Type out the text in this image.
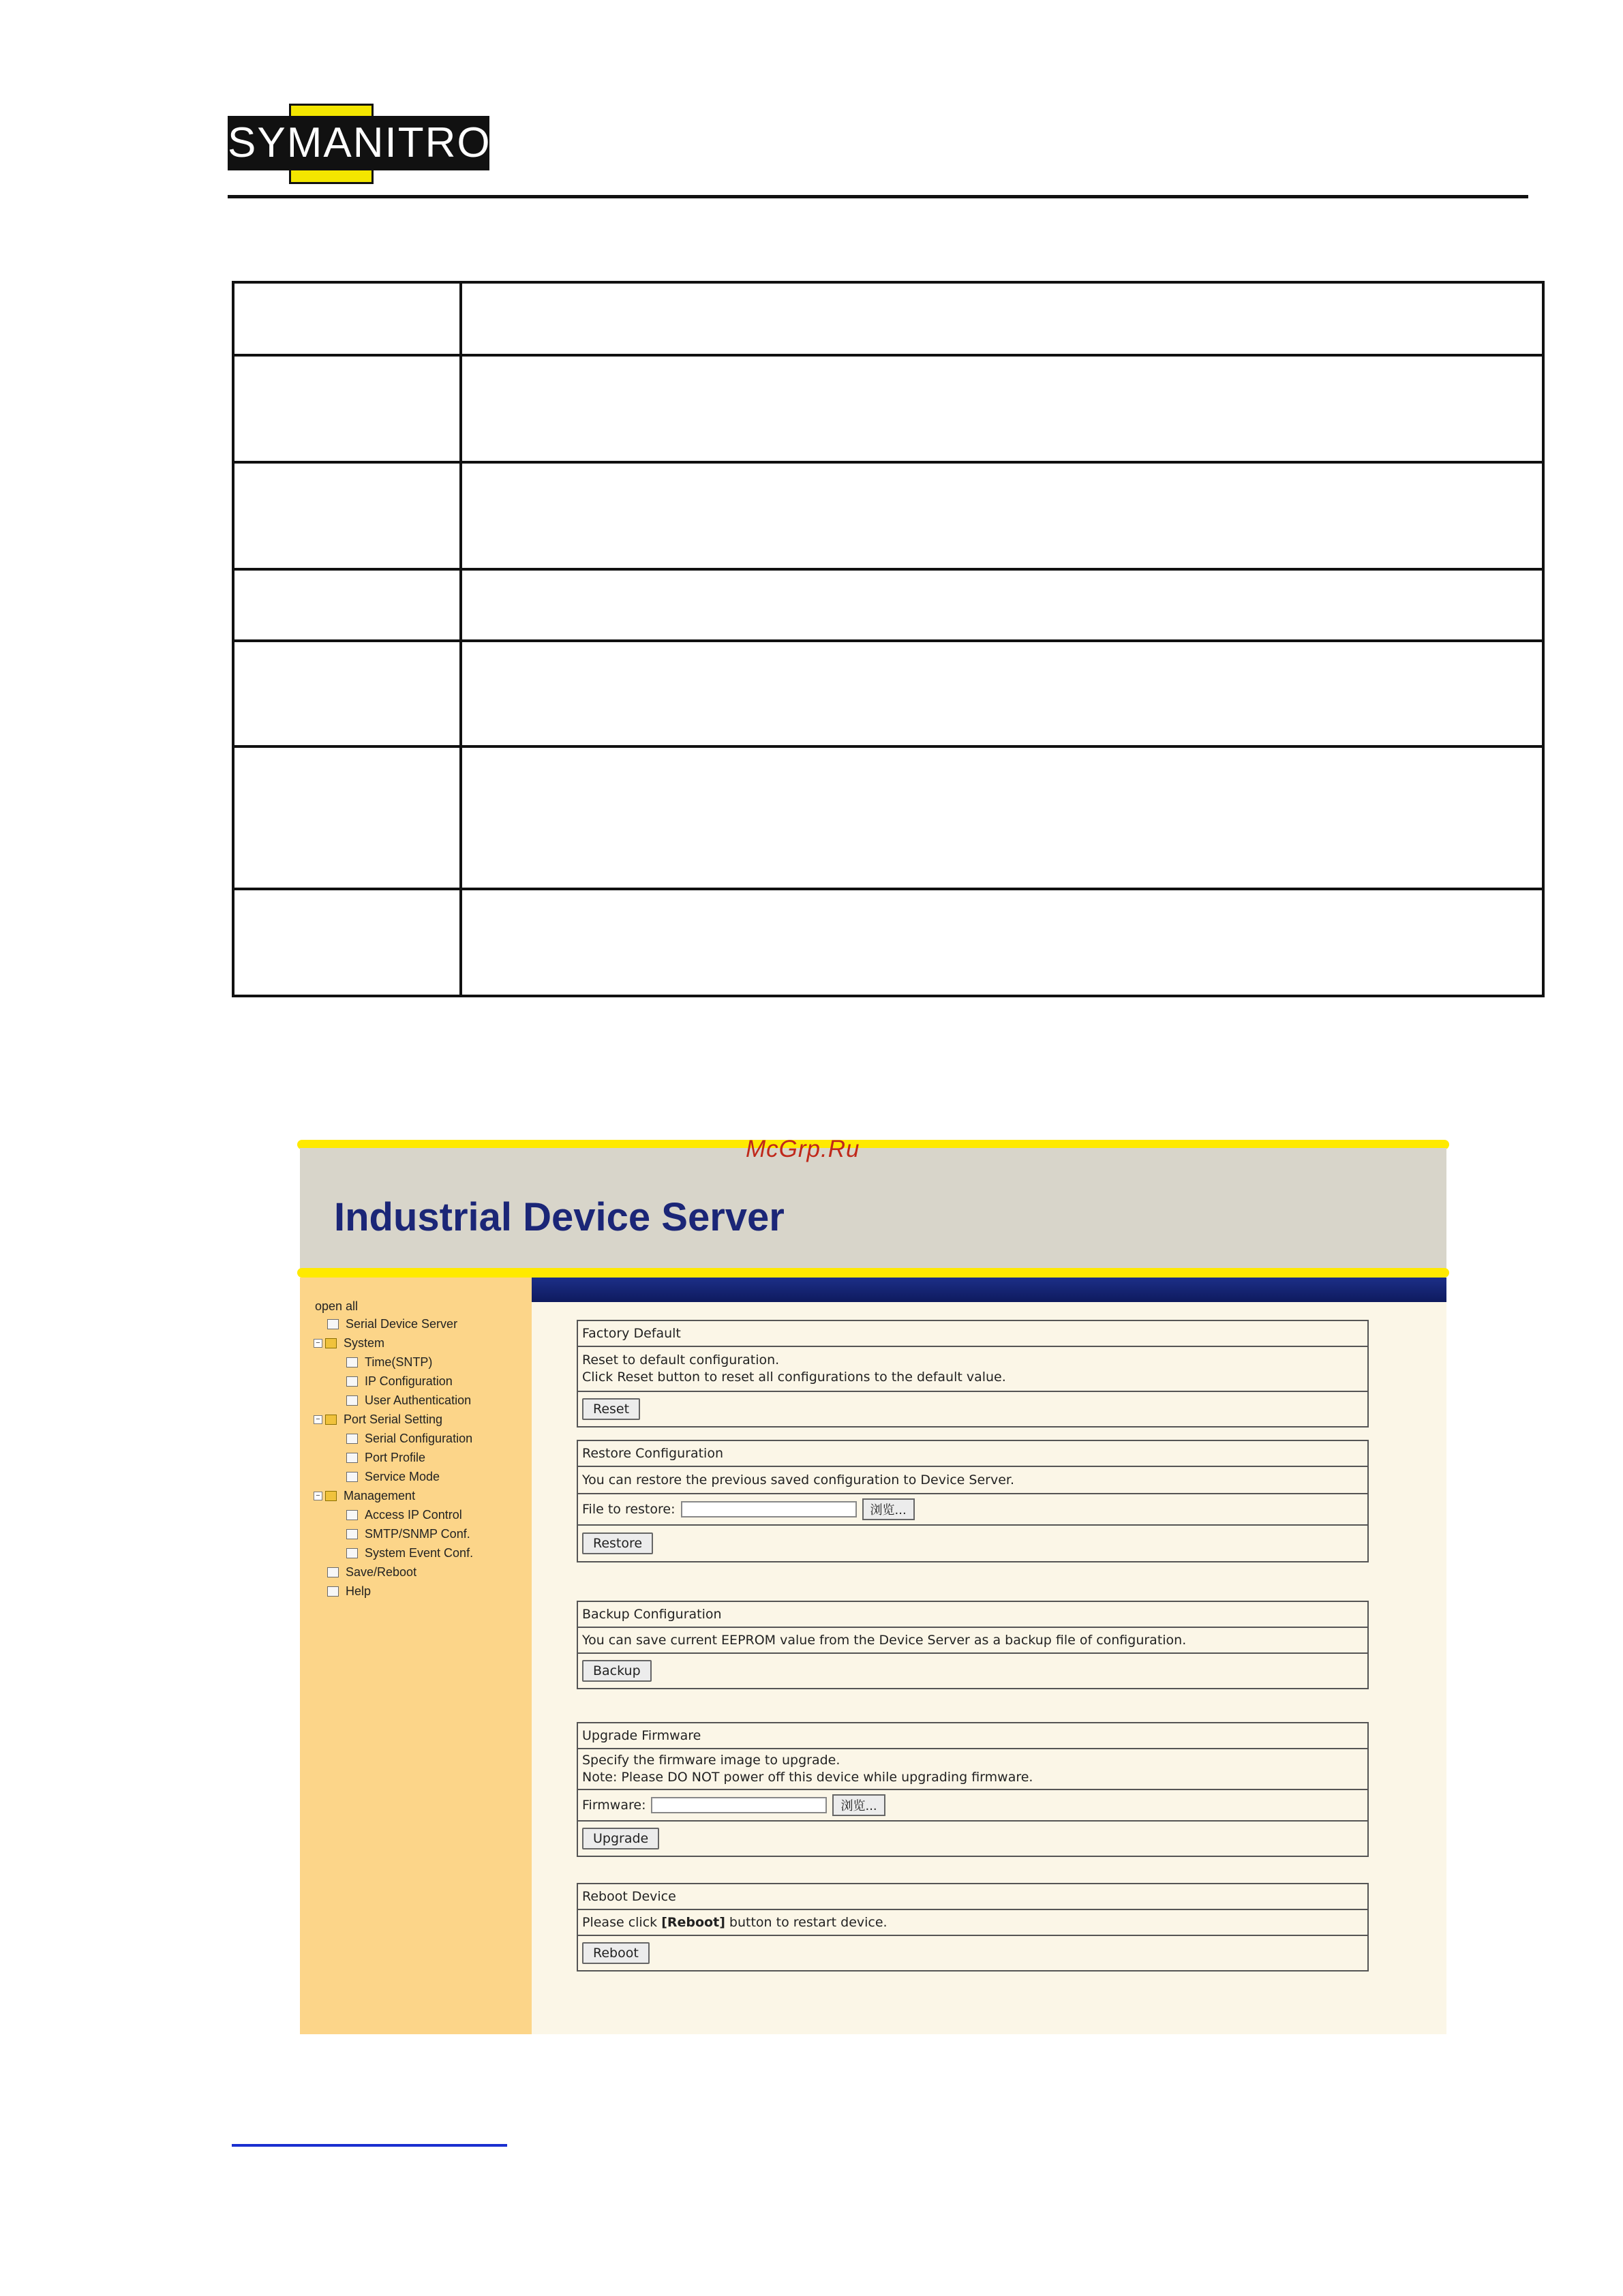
SYMANITRON

Industrial Device Server
McGrp.Ru
open all
Serial Device Server
− System
Time(SNTP)
IP Configuration
User Authentication
− Port Serial Setting
Serial Configuration
Port Profile
Service Mode
− Management
Access IP Control
SMTP/SNMP Conf.
System Event Conf.
Save/Reboot
Help
Factory Default
Reset to default configuration.
Click Reset button to reset all configurations to the default value.
Reset
Restore Configuration
You can restore the previous saved configuration to Device Server.
File to restore:	浏览...
Restore
Backup Configuration
You can save current EEPROM value from the Device Server as a backup file of configuration.
Backup
Upgrade Firmware
Specify the firmware image to upgrade.
Note: Please DO NOT power off this device while upgrading firmware.
Firmware:	浏览...
Upgrade
Reboot Device
Please click [Reboot] button to restart device.
Reboot
